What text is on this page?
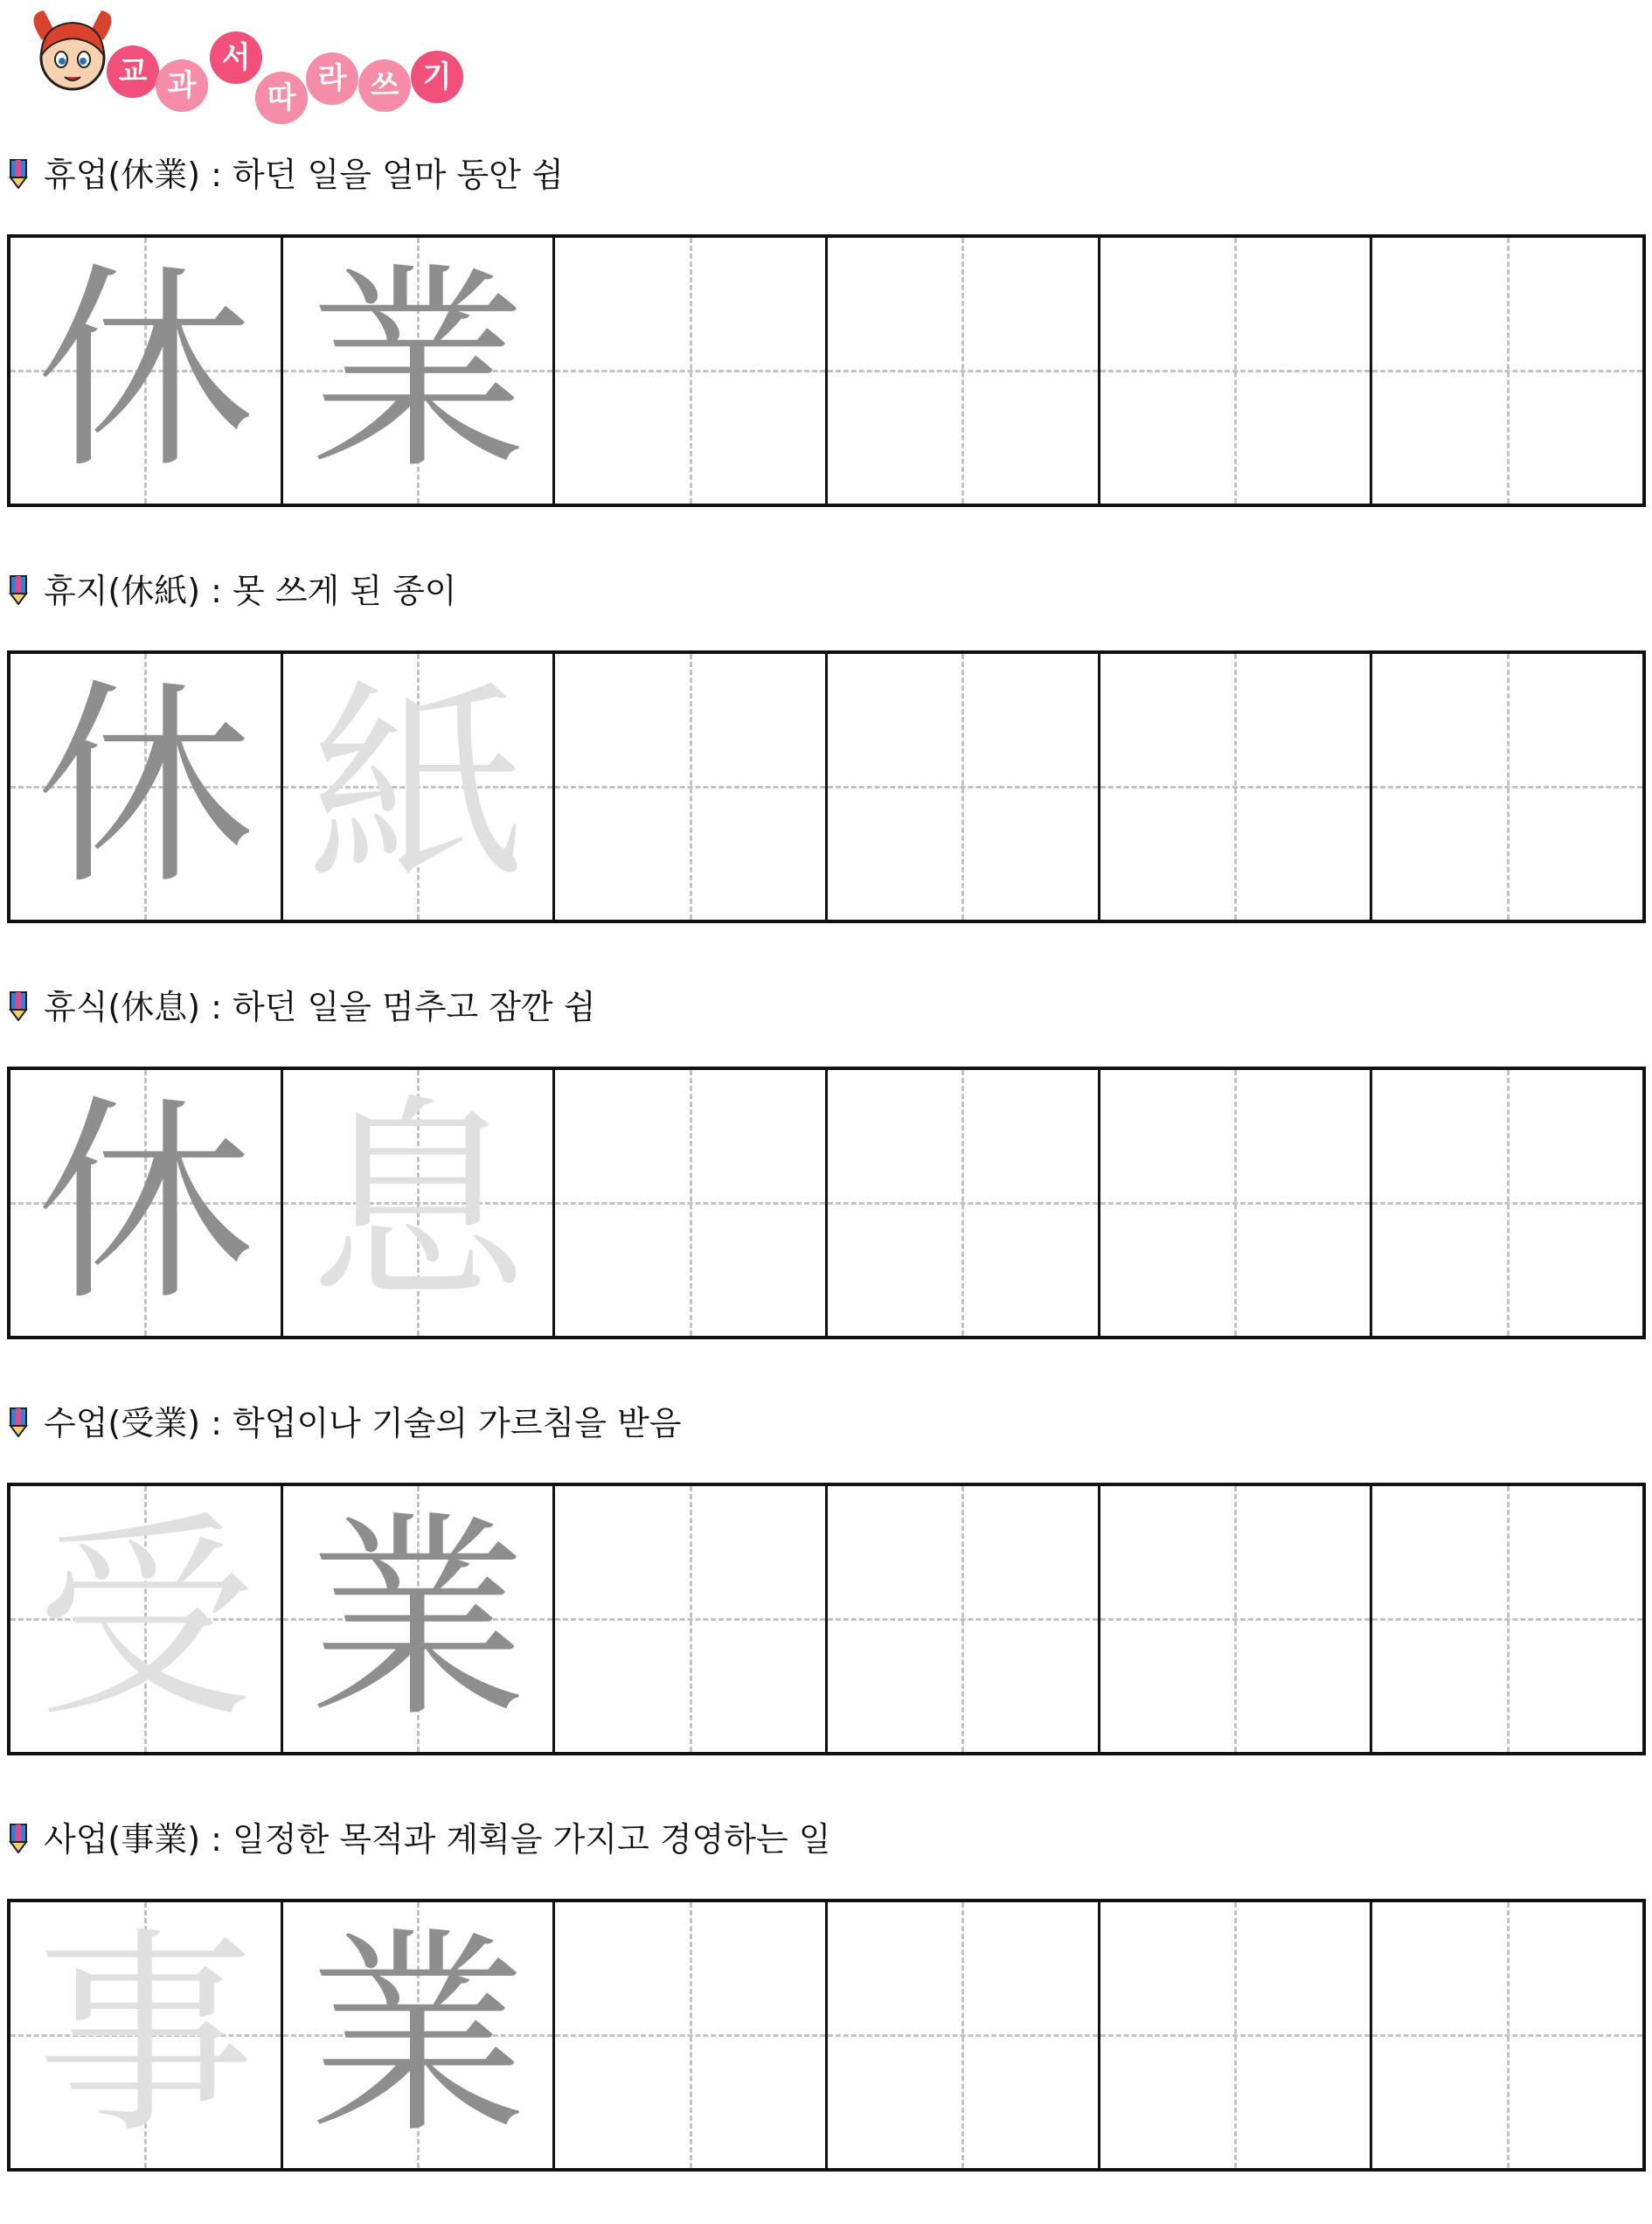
교 과
서
따
라 쓰 기
휴업(休業) : 하던 일을 얼마 동안 쉼
休 業
휴지(休紙) : 못 쓰게 된 종이
休 紙
휴식(休息) : 하던 일을 멈추고 잠깐 쉼
休 息
수업(受業) : 학업이나 기술의 가르침을 받음
受 業
사업(事業) : 일정한 목적과 계획을 가지고 경영하는 일
事 業
